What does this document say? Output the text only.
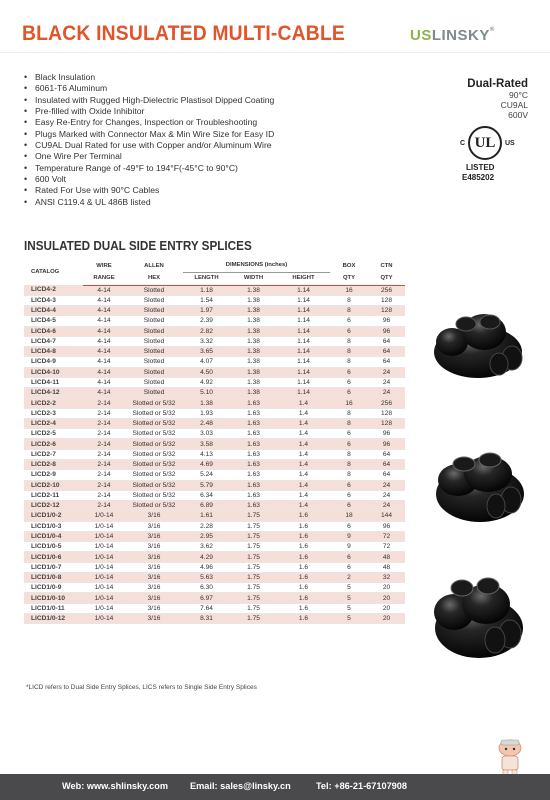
BLACK INSULATED MULTI-CABLE	USLINSKY®
• Black Insulation
• 6061-T6 Aluminum
• Insulated with Rugged High-Dielectric Plastisol Dipped Coating
• Pre-filled with Oxide Inhibitor
• Easy Re-Entry for Changes, Inspection or Troubleshooting
• Plugs Marked with Connector Max & Min Wire Size for Easy ID
• CU9AL Dual Rated for use with Copper and/or Aluminum Wire
• One Wire Per Terminal
• Temperature Range of -49°F to 194°F(-45°C to 90°C)
• 600 Volt
• Rated For Use with 90°C Cables
• ANSI C119.4 & UL 486B listed
Dual-Rated
90°C
CU9AL
600V
C UL	US
LISTED
E485202
INSULATED DUAL SIDE ENTRY SPLICES
CATALOG	WIRE	ALLEN	DIMENSIONS (inches)			BOX	CTN
	RANGE	HEX	LENGTH	WIDTH	HEIGHT	QTY	QTY
LICD4-2	4-14	Slotted	1.18	1.38	1.14	16	256
LICD4-3	4-14	Slotted	1.54	1.38	1.14	8	128
LICD4-4	4-14	Slotted	1.97	1.38	1.14	8	128
LICD4-5	4-14	Slotted	2.39	1.38	1.14	6	96
LICD4-6	4-14	Slotted	2.82	1.38	1.14	6	96
LICD4-7	4-14	Slotted	3.32	1.38	1.14	8	64
LICD4-8	4-14	Slotted	3.65	1.38	1.14	8	64
LICD4-9	4-14	Slotted	4.07	1.38	1.14	8	64
LICD4-10	4-14	Slotted	4.50	1.38	1.14	6	24
LICD4-11	4-14	Slotted	4.92	1.38	1.14	6	24
LICD4-12	4-14	Slotted	5.10	1.38	1.14	6	24
LICD2-2	2-14	Slotted or 5/32	1.38	1.63	1.4	16	256
LICD2-3	2-14	Slotted or 5/32	1.93	1.63	1.4	8	128
LICD2-4	2-14	Slotted or 5/32	2.48	1.63	1.4	8	128
LICD2-5	2-14	Slotted or 5/32	3.03	1.63	1.4	6	96
LICD2-6	2-14	Slotted or 5/32	3.58	1.63	1.4	6	96
LICD2-7	2-14	Slotted or 5/32	4.13	1.63	1.4	8	64
LICD2-8	2-14	Slotted or 5/32	4.69	1.63	1.4	8	64
LICD2-9	2-14	Slotted or 5/32	5.24	1.63	1.4	8	64
LICD2-10	2-14	Slotted or 5/32	5.79	1.63	1.4	6	24
LICD2-11	2-14	Slotted or 5/32	6.34	1.63	1.4	6	24
LICD2-12	2-14	Slotted or 5/32	6.89	1.63	1.4	6	24
LICD1/0-2	1/0-14	3/16	1.61	1.75	1.6	18	144
LICD1/0-3	1/0-14	3/16	2.28	1.75	1.6	6	96
LICD1/0-4	1/0-14	3/16	2.95	1.75	1.6	9	72
LICD1/0-5	1/0-14	3/16	3.62	1.75	1.6	9	72
LICD1/0-6	1/0-14	3/16	4.29	1.75	1.6	6	48
LICD1/0-7	1/0-14	3/16	4.96	1.75	1.6	6	48
LICD1/0-8	1/0-14	3/16	5.63	1.75	1.6	2	32
LICD1/0-9	1/0-14	3/16	6.30	1.75	1.6	5	20
LICD1/0-10	1/0-14	3/16	6.97	1.75	1.6	5	20
LICD1/0-11	1/0-14	3/16	7.64	1.75	1.6	5	20
LICD1/0-12	1/0-14	3/16	8.31	1.75	1.6	5	20
*LICD refers to Dual Side Entry Splices, LICS refers to Single Side Entry Splices
Web: www.shlinsky.com Email: sales@linsky.cn	Tel: +86-21-67107908
